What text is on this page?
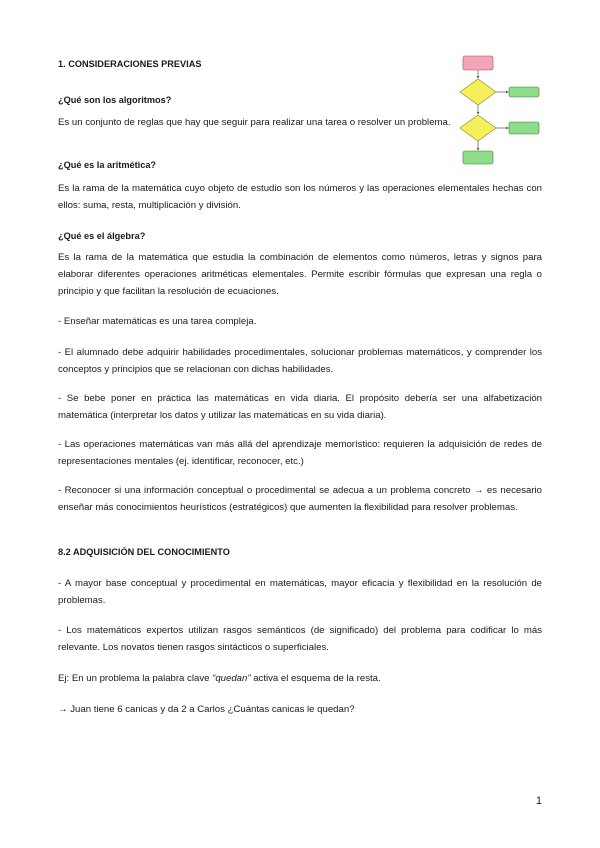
1. CONSIDERACIONES PREVIAS
¿Qué son los algoritmos?
Es un conjunto de reglas que hay que seguir para realizar una tarea o resolver un problema.
¿Qué es la aritmética?
Es la rama de la matemática cuyo objeto de estudio son los números y las operaciones elementales hechas con ellos: suma, resta, multiplicación y división.
¿Qué es el álgebra?
Es la rama de la matemática que estudia la combinación de elementos como números, letras y signos para elaborar diferentes operaciones aritméticas elementales. Permite escribir fórmulas que expresan una regla o principio y que facilitan la resolución de ecuaciones.
- Enseñar matemáticas es una tarea compleja.
- El alumnado debe adquirir habilidades procedimentales, solucionar problemas matemáticos, y comprender los conceptos y principios que se relacionan con dichas habilidades.
- Se bebe poner en práctica las matemáticas en vida diaria. El propósito debería ser una alfabetización matemática (interpretar los datos y utilizar las matemáticas en su vida diaria).
- Las operaciones matemáticas van más allá del aprendizaje memorístico: requieren la adquisición de redes de representaciones mentales (ej. identificar, reconocer, etc.)
- Reconocer si una información conceptual o procedimental se adecua a un problema concreto → es necesario enseñar más conocimientos heurísticos (estratégicos) que aumenten la flexibilidad para resolver problemas.
8.2 ADQUISICIÓN DEL CONOCIMIENTO
- A mayor base conceptual y procedimental en matemáticas, mayor eficacia y flexibilidad en la resolución de problemas.
- Los matemáticos expertos utilizan rasgos semánticos (de significado) del problema para codificar lo más relevante. Los novatos tienen rasgos sintácticos o superficiales.
Ej: En un problema la palabra clave “quedan” activa el esquema de la resta.
→ Juan tiene 6 canicas y da 2 a Carlos ¿Cuántas canicas le quedan?
1
